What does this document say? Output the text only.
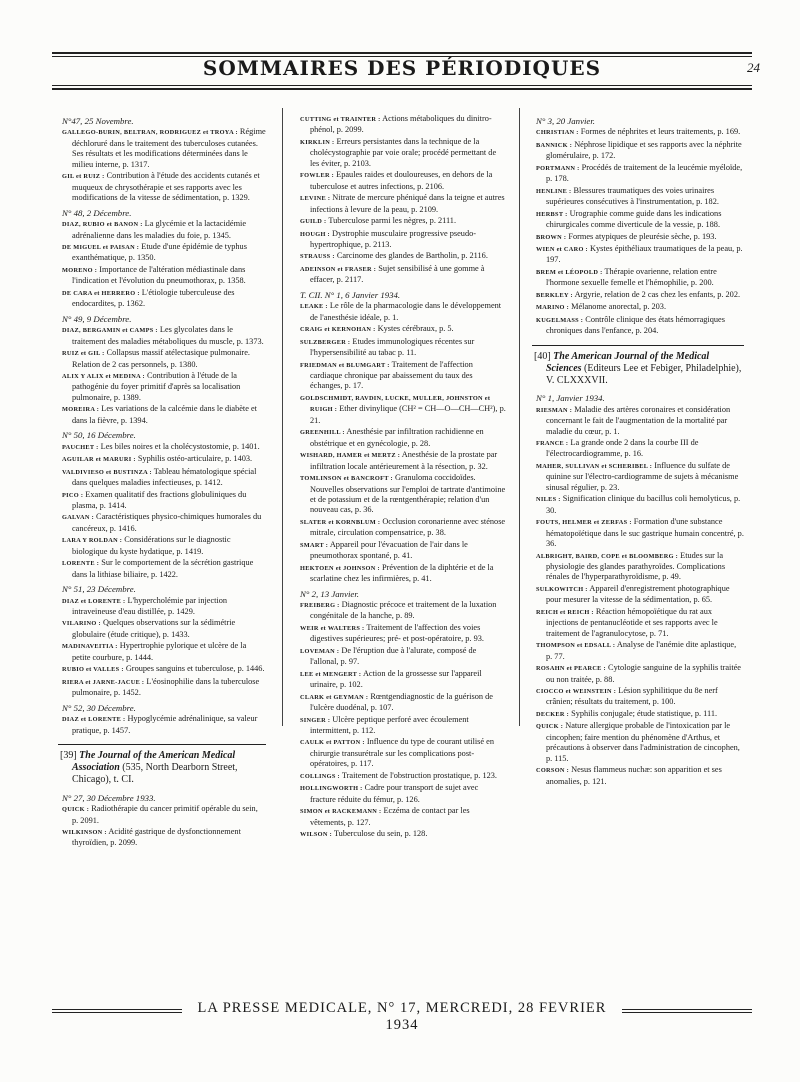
SOMMAIRES DES PÉRIODIQUES	24
N°47, 25 Novembre.
GALLEGO-BURIN, BELTRAN, RODRIGUEZ et TROYA : Régime déchloruré dans le traitement des tuberculoses cutanées. Ses résultats et les modifications déterminées dans le milieu interne, p. 1317.
GIL et RUIZ : Contribution à l'étude des accidents cutanés et muqueux de chrysothérapie et ses rapports avec les modifications de la vitesse de sédimentation, p. 1329.
N° 48, 2 Décembre.
DIAZ, RUBIO et BANON : La glycémie et la lactacidémie adrénalienne dans les maladies du foie, p. 1345.
DE MIGUEL et PAISAN : Etude d'une épidémie de typhus exanthématique, p. 1350.
MORENO : Importance de l'altération médiastinale dans l'indication et l'évolution du pneumothorax, p. 1358.
DE CARA et HERRERO : L'étiologie tuberculeuse des endocardites, p. 1362.
N° 49, 9 Décembre.
DIAZ, BERGAMIN et CAMPS : Les glycolates dans le traitement des maladies métaboliques du muscle, p. 1373.
RUIZ et GIL : Collapsus massif atélectasique pulmonaire. Relation de 2 cas personnels, p. 1380.
ALIX Y ALIX et MEDINA : Contribution à l'étude de la pathogénie du foyer primitif d'après sa localisation pulmonaire, p. 1389.
MOREIRA : Les variations de la calcémie dans le diabète et dans la fièvre, p. 1394.
N° 50, 16 Décembre.
PAUCHET : Les biles noires et la cholécystostomie, p. 1401.
AGUILAR et MARURI : Syphilis ostéo-articulaire, p. 1403.
VALDIVIESO et BUSTINZA : Tableau hématologique spécial dans quelques maladies infectieuses, p. 1412.
PICO : Examen qualitatif des fractions globuliniques du plasma, p. 1414.
GALVAN : Caractéristiques physico-chimiques humorales du cancéreux, p. 1416.
LARA Y ROLDAN : Considérations sur le diagnostic biologique du kyste hydatique, p. 1419.
LORENTE : Sur le comportement de la sécrétion gastrique dans la lithiase biliaire, p. 1422.
N° 51, 23 Décembre.
DIAZ et LORENTE : L'hypercholémie par injection intraveineuse d'eau distillée, p. 1429.
VILARINO : Quelques observations sur la sédimétrie globulaire (étude critique), p. 1433.
MADINAVEITIA : Hypertrophie pylorique et ulcère de la petite courbure, p. 1444.
RUBIO et VALLES : Groupes sanguins et tuberculose, p. 1446.
RIERA et JARNE-JACUE : L'éosinophilie dans la tuberculose pulmonaire, p. 1452.
N° 52, 30 Décembre.
DIAZ et LORENTE : Hypoglycémie adrénalinique, sa valeur pratique, p. 1457.
[39] The Journal of the American Medical Association (535, North Dearborn Street, Chicago), t. CI.
N° 27, 30 Décembre 1933.
QUICK : Radiothérapie du cancer primitif opérable du sein, p. 2091.
WILKINSON : Acidité gastrique de dysfonctionnement thyroïdien, p. 2099.
CUTTING et TRAINTER : Actions métaboliques du dinitro-phénol, p. 2099.
KIRKLIN : Erreurs persistantes dans la technique de la cholécystographie par voie orale; procédé permettant de les éviter, p. 2103.
FOWLER : Epaules raides et douloureuses, en dehors de la tuberculose et autres infections, p. 2106.
LEVINE : Nitrate de mercure phéniqué dans la teigne et autres infections à levure de la peau, p. 2109.
GUILD : Tuberculose parmi les nègres, p. 2111.
HOUGH : Dystrophie musculaire progressive pseudo-hypertrophique, p. 2113.
STRAUSS : Carcinome des glandes de Bartholin, p. 2116.
ADEINSON et FRASER : Sujet sensibilisé à une gomme à effacer, p. 2117.
T. CII. N° 1, 6 Janvier 1934.
LEAKE : Le rôle de la pharmacologie dans le développement de l'anesthésie idéale, p. 1.
CRAIG et KERNOHAN : Kystes cérébraux, p. 5.
SULZBERGER : Etudes immunologiques récentes sur l'hypersensibilité au tabac p. 11.
FRIEDMAN et BLUMGART : Traitement de l'affection cardiaque chronique par abaissement du taux des échanges, p. 17.
GOLDSCHMIDT, RAVDIN, LUCKE, MULLER, JOHNSTON et RUIGH : Ether divinylique (CH² = CH—O—CH—CH²), p. 21.
GREENHILL : Anesthésie par infiltration rachidienne en obstétrique et en gynécologie, p. 28.
WISHARD, HAMER et MERTZ : Anesthésie de la prostate par infiltration locale antérieurement à la résection, p. 32.
TOMLINSON et BANCROFT : Granuloma coccidoïdes. Nouvelles observations sur l'emploi de tartrate d'antimoine et de potassium et de la rœntgenthérapie; relation d'un nouveau cas, p. 36.
SLATER et KORNBLUM : Occlusion coronarienne avec sténose mitrale, circulation compensatrice, p. 38.
SMART : Appareil pour l'évacuation de l'air dans le pneumothorax spontané, p. 41.
HEKTOEN et JOHNSON : Prévention de la diphtérie et de la scarlatine chez les infirmières, p. 41.
N° 2, 13 Janvier.
FREIBERG : Diagnostic précoce et traitement de la luxation congénitale de la hanche, p. 89.
WEIR et WALTERS : Traitement de l'affection des voies digestives supérieures; pré- et post-opératoire, p. 93.
LOVEMAN : De l'éruption due à l'alurate, composé de l'allonal, p. 97.
LEE et MENGERT : Action de la grossesse sur l'appareil urinaire, p. 102.
CLARK et GEYMAN : Rœntgendiagnostic de la guérison de l'ulcère duodénal, p. 107.
SINGER : Ulcère peptique perforé avec écoulement intermittent, p. 112.
CAULK et PATTON : Influence du type de courant utilisé en chirurgie transurétrale sur les complications post-opératoires, p. 117.
COLLINGS : Traitement de l'obstruction prostatique, p. 123.
HOLLINGWORTH : Cadre pour transport de sujet avec fracture réduite du fémur, p. 126.
SIMON et RACKEMANN : Eczéma de contact par les vêtements, p. 127.
WILSON : Tuberculose du sein, p. 128.
N° 3, 20 Janvier.
CHRISTIAN : Formes de néphrites et leurs traitements, p. 169.
BANNICK : Néphrose lipidique et ses rapports avec la néphrite glomérulaire, p. 172.
PORTMANN : Procédés de traitement de la leucémie myéloïde, p. 178.
HENLINE : Blessures traumatiques des voies urinaires supérieures consécutives à l'instrumentation, p. 182.
HERBST : Urographie comme guide dans les indications chirurgicales comme diverticule de la vessie, p. 188.
BROWN : Formes atypiques de pleurésie sèche, p. 193.
WIEN et CARO : Kystes épithéliaux traumatiques de la peau, p. 197.
BREM et LÉOPOLD : Thérapie ovarienne, relation entre l'hormone sexuelle femelle et l'hémophilie, p. 200.
BERKLEY : Argyrie, relation de 2 cas chez les enfants, p. 202.
MARINO : Mélanome anorectal, p. 203.
KUGELMASS : Contrôle clinique des états hémorragiques chroniques dans l'enfance, p. 204.
[40] The American Journal of the Medical Sciences (Editeurs Lee et Febiger, Philadelphie), V. CLXXXVII.
N° 1, Janvier 1934.
RIESMAN : Maladie des artères coronaires et considération concernant le fait de l'augmentation de la mortalité par maladie du cœur, p. 1.
FRANCE : La grande onde 2 dans la courbe III de l'électrocardiogramme, p. 16.
MAHER, SULLIVAN et SCHERIBEL : Influence du sulfate de quinine sur l'électro-cardiogramme de sujets à mécanisme sinusal régulier, p. 23.
NILES : Signification clinique du bacillus coli hemolyticus, p. 30.
FOUTS, HELMER et ZERFAS : Formation d'une substance hématopoïétique dans le suc gastrique humain concentré, p. 36.
ALBRIGHT, BAIRD, COPE et BLOOMBERG : Etudes sur la physiologie des glandes parathyroïdes. Complications rénales de l'hyperparathyroïdisme, p. 49.
SULKOWITCH : Appareil d'enregistrement photographique pour mesurer la vitesse de la sédimentation, p. 65.
REICH et REICH : Réaction hémopoïétique du rat aux injections de pentanucléotide et ses rapports avec le traitement de l'agranulocytose, p. 71.
THOMPSON et EDSALL : Analyse de l'anémie dite aplastique, p. 77.
ROSAHN et PEARCE : Cytologie sanguine de la syphilis traitée ou non traitée, p. 88.
CIOCCO et WEINSTEIN : Lésion syphilitique du 8e nerf crânien; résultats du traitement, p. 100.
DECKER : Syphilis conjugale; étude statistique, p. 111.
QUICK : Nature allergique probable de l'intoxication par le cincophen; faire mention du phénomène d'Arthus, et précautions à observer dans l'administration de cincophen, p. 115.
CORSON : Nesus flammeus nuchæ: son apparition et ses anomalies, p. 121.
LA PRESSE MEDICALE, N° 17, MERCREDI, 28 FEVRIER 1934
